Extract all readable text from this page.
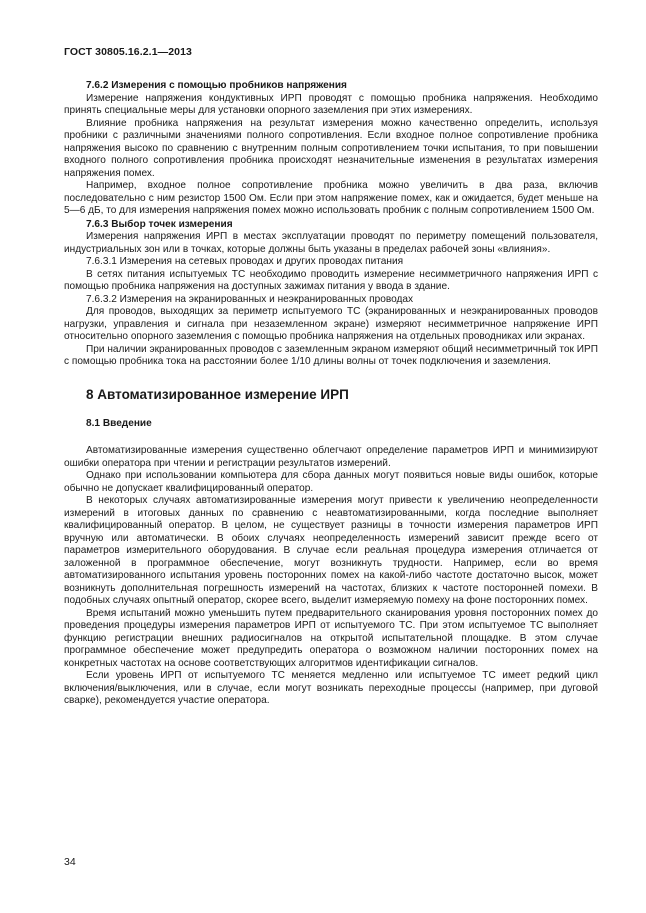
ГОСТ 30805.16.2.1—2013
7.6.2 Измерения с помощью пробников напряжения

Измерение напряжения кондуктивных ИРП проводят с помощью пробника напряжения. Необходимо принять специальные меры для установки опорного заземления при этих измерениях.

Влияние пробника напряжения на результат измерения можно качественно определить, используя пробники с различными значениями полного сопротивления. Если входное полное сопротивление пробника напряжения высоко по сравнению с внутренним полным сопротивлением точки испытания, то при повышении входного полного сопротивления пробника происходят незначительные изменения в результатах измерения напряжения помех.

Например, входное полное сопротивление пробника можно увеличить в два раза, включив последовательно с ним резистор 1500 Ом. Если при этом напряжение помех, как и ожидается, будет меньше на 5—6 дБ, то для измерения напряжения помех можно использовать пробник с полным сопротивлением 1500 Ом.

7.6.3 Выбор точек измерения

Измерения напряжения ИРП в местах эксплуатации проводят по периметру помещений пользователя, индустриальных зон или в точках, которые должны быть указаны в пределах рабочей зоны «влияния».

7.6.3.1 Измерения на сетевых проводах и других проводах питания

В сетях питания испытуемых ТС необходимо проводить измерение несимметричного напряжения ИРП с помощью пробника напряжения на доступных зажимах питания у ввода в здание.

7.6.3.2 Измерения на экранированных и неэкранированных проводах

Для проводов, выходящих за периметр испытуемого ТС (экранированных и неэкранированных проводов нагрузки, управления и сигнала при незаземленном экране) измеряют несимметричное напряжение ИРП относительно опорного заземления с помощью пробника напряжения на отдельных проводниках или экранах.

При наличии экранированных проводов с заземленным экраном измеряют общий несимметричный ток ИРП с помощью пробника тока на расстоянии более 1/10 длины волны от точек подключения и заземления.

8 Автоматизированное измерение ИРП
8.1 Введение

Автоматизированные измерения существенно облегчают определение параметров ИРП и минимизируют ошибки оператора при чтении и регистрации результатов измерений.

Однако при использовании компьютера для сбора данных могут появиться новые виды ошибок, которые обычно не допускает квалифицированный оператор.

В некоторых случаях автоматизированные измерения могут привести к увеличению неопределенности измерений в итоговых данных по сравнению с неавтоматизированными, когда последние выполняет квалифицированный оператор. В целом, не существует разницы в точности измерения параметров ИРП вручную или автоматически. В обоих случаях неопределенность измерений зависит прежде всего от параметров измерительного оборудования. В случае если реальная процедура измерения отличается от заложенной в программное обеспечение, могут возникнуть трудности. Например, если во время автоматизированного испытания уровень посторонних помех на какой-либо частоте достаточно высок, может возникнуть дополнительная погрешность измерений на частотах, близких к частоте посторонней помехи. В подобных случаях опытный оператор, скорее всего, выделит измеряемую помеху на фоне посторонних помех.

Время испытаний можно уменьшить путем предварительного сканирования уровня посторонних помех до проведения процедуры измерения параметров ИРП от испытуемого ТС. При этом испытуемое ТС выполняет функцию регистрации внешних радиосигналов на открытой испытательной площадке. В этом случае программное обеспечение может предупредить оператора о возможном наличии посторонних помех на конкретных частотах на основе соответствующих алгоритмов идентификации сигналов.

Если уровень ИРП от испытуемого ТС меняется медленно или испытуемое ТС имеет редкий цикл включения/выключения, или в случае, если могут возникать переходные процессы (например, при дуговой сварке), рекомендуется участие оператора.

34
